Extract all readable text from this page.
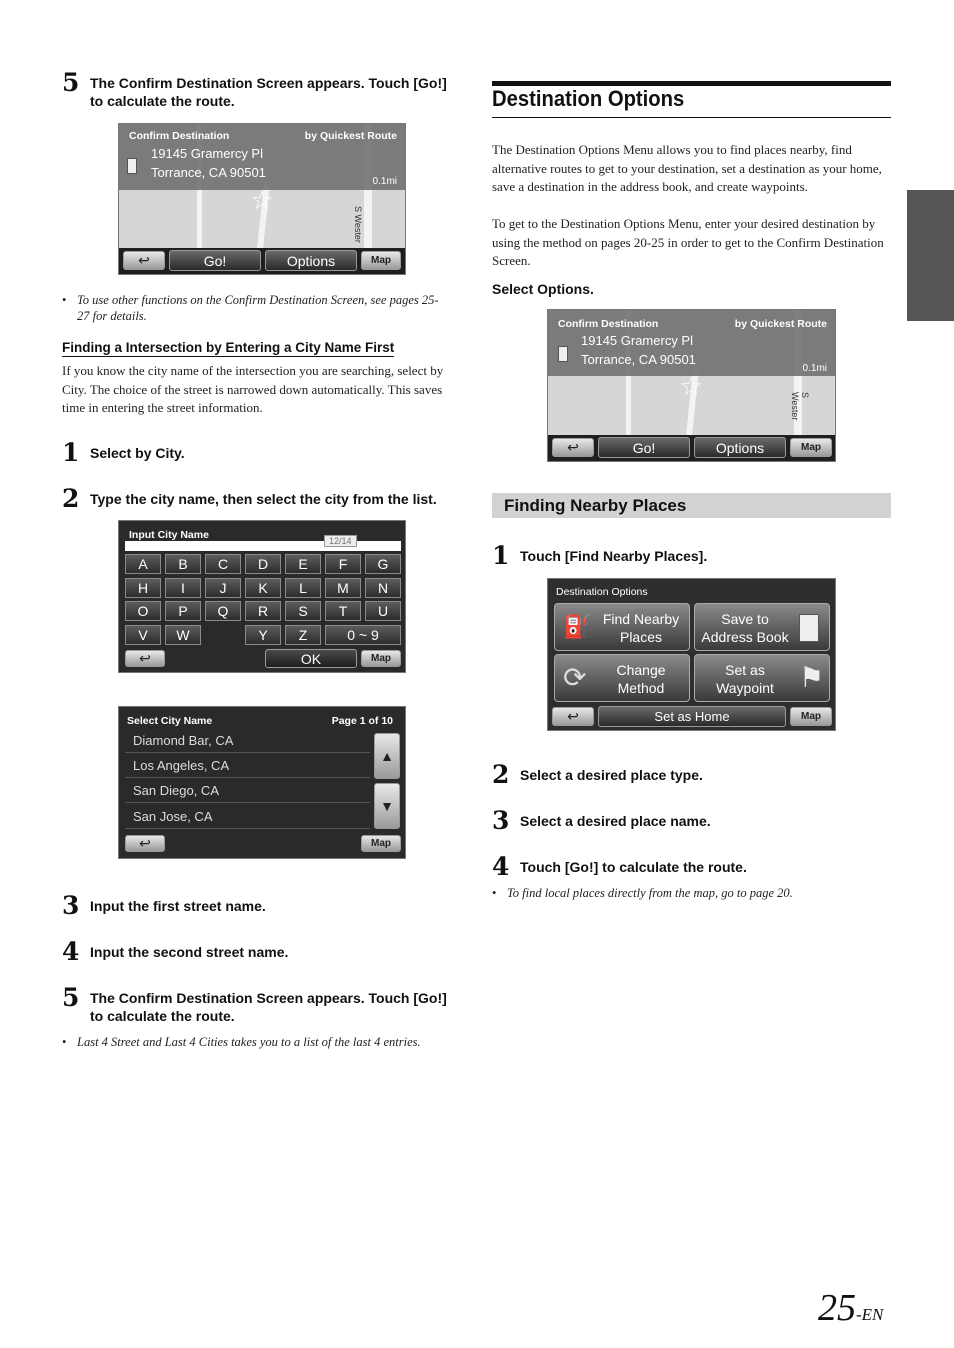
5 The Confirm Destination Screen appears. Touch [Go!] to calculate the route.
Confirm Destination	by Quickest Route
19145 Gramercy Pl
Torrance, CA 90501
0.1mi
☆
S Wester
↩	Go!	Options	Map
• To use other functions on the Confirm Destination Screen, see pages 25-27 for details.
Finding a Intersection by Entering a City Name First
If you know the city name of the intersection you are searching, select by City. The choice of the street is narrowed down automatically. This saves time in entering the street information.
1 Select by City.
2 Type the city name, then select the city from the list.
Input City Name	12/14
A	B	C	D	E	F	G
H	I	J	K	L	M	N
O	P	Q	R	S	T	U
V	W	Y	Z	0 ~ 9
↩	OK	Map
Select City Name	Page 1 of 10
Diamond Bar, CA
Los Angeles, CA
San Diego, CA
San Jose, CA
▲
▼
↩	Map
3 Input the first street name.
4 Input the second street name.
5 The Confirm Destination Screen appears. Touch [Go!] to calculate the route.
• Last 4 Street and Last 4 Cities takes you to a list of the last 4 entries.
Destination Options
The Destination Options Menu allows you to find places nearby, find alternative routes to get to your destination, set a destination as your home, save a destination in the address book, and create waypoints.
To get to the Destination Options Menu, enter your desired destination by using the method on pages 20-25 in order to get to the Confirm Destination Screen.
Select Options.
Confirm Destination	by Quickest Route
19145 Gramercy Pl
Torrance, CA 90501
0.1mi
☆	S Wester
↩	Go!	Options	Map
Finding Nearby Places
1 Touch [Find Nearby Places].
Destination Options
⛽ Find Nearby
Places
Save to
Address Book
⟳	Change
Method
Set as
Waypoint ⚑
↩	Set as Home	Map
2 Select a desired place type.
3 Select a desired place name.
4 Touch [Go!] to calculate the route.
• To find local places directly from the map, go to page 20.
25-EN
